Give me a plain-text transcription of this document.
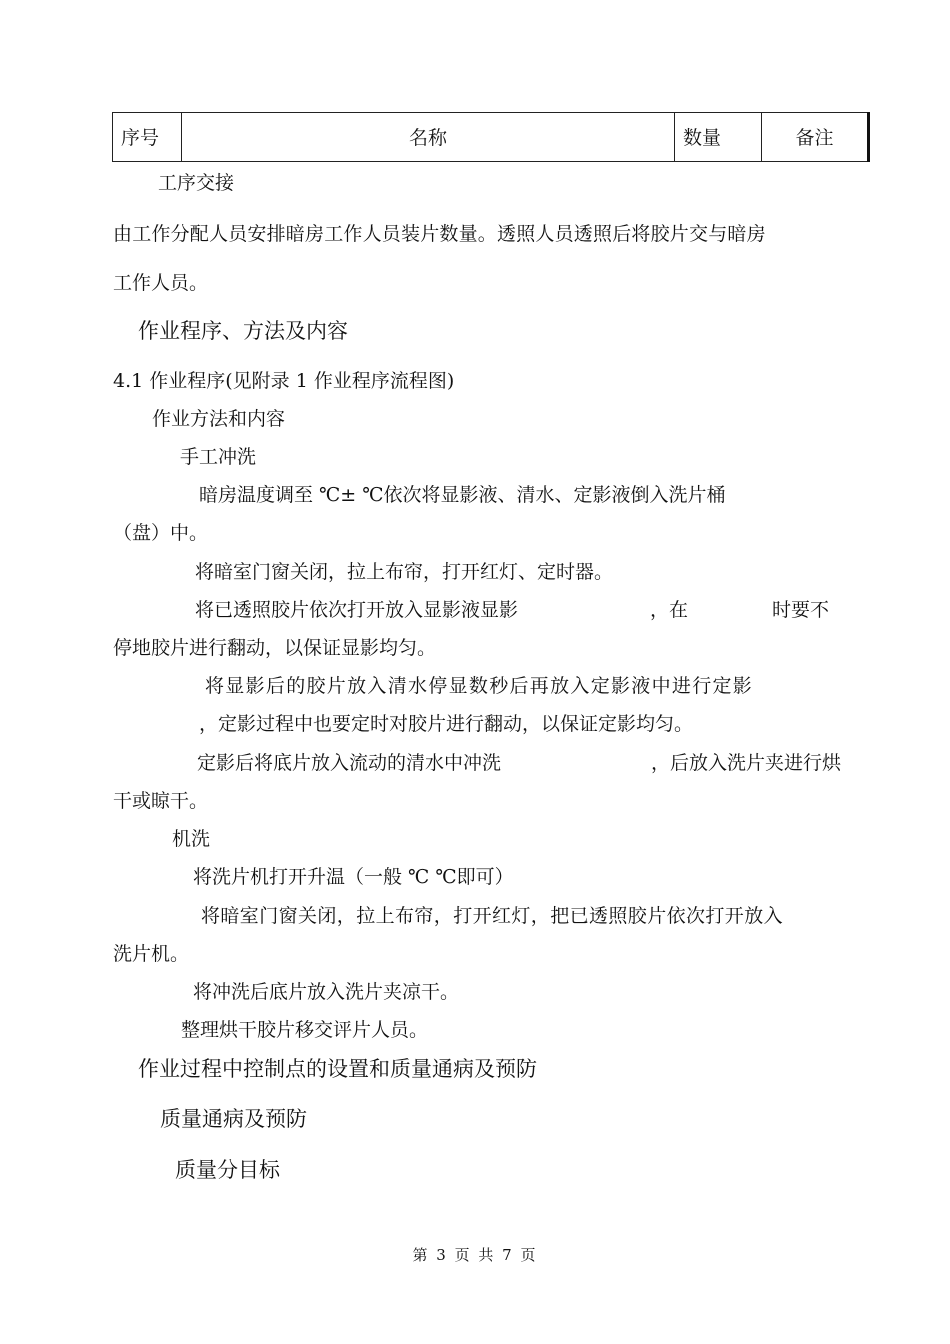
序号	名称	数量	备注
工序交接
由工作分配人员安排暗房工作人员装片数量。透照人员透照后将胶片交与暗房
工作人员。
作业程序、方法及内容
4.1 作业程序(见附录 1 作业程序流程图)
作业方法和内容
手工冲洗
暗房温度调至 ℃± ℃依次将显影液、清水、定影液倒入洗片桶
（盘）中。
将暗室门窗关闭，拉上布帘，打开红灯、定时器。
将已透照胶片依次打开放入显影液显影	，在	时要不
停地胶片进行翻动，以保证显影均匀。
将显影后的胶片放入清水停显数秒后再放入定影液中进行定影
，定影过程中也要定时对胶片进行翻动，以保证定影均匀。
定影后将底片放入流动的清水中冲洗	，后放入洗片夹进行烘
干或晾干。
机洗
将洗片机打开升温（一般 ℃ ℃即可）
将暗室门窗关闭，拉上布帘，打开红灯，把已透照胶片依次打开放入
洗片机。
将冲洗后底片放入洗片夹凉干。
整理烘干胶片移交评片人员。
作业过程中控制点的设置和质量通病及预防
质量通病及预防
质量分目标
第 3 页 共 7 页
